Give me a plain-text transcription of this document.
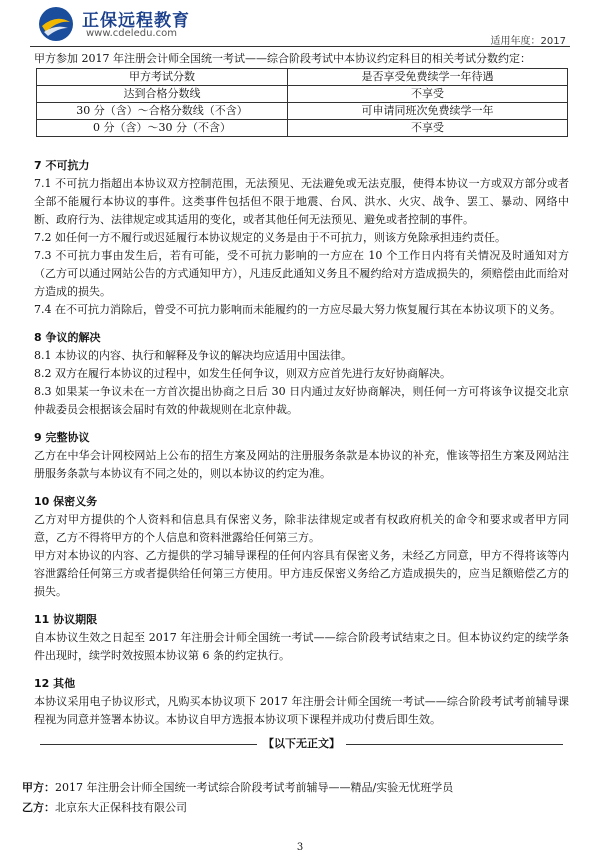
正保远程教育
www.cdeledu.com
适用年度：2017

甲方参加 2017 年注册会计师全国统一考试——综合阶段考试中本协议约定科目的相关考试分数约定：

甲方考试分数	是否享受免费续学一年待遇
达到合格分数线	不享受
30 分（含）～合格分数线（不含）	可申请同班次免费续学一年
0 分（含）～30 分（不含）	不享受
7 不可抗力

7.1 不可抗力指超出本协议双方控制范围，无法预见、无法避免或无法克服，使得本协议一方或双方部分或者全部不能履行本协议的事件。这类事件包括但不限于地震、台风、洪水、火灾、战争、罢工、暴动、网络中断、政府行为、法律规定或其适用的变化，或者其他任何无法预见、避免或者控制的事件。

7.2 如任何一方不履行或迟延履行本协议规定的义务是由于不可抗力，则该方免除承担违约责任。

7.3 不可抗力事由发生后，若有可能，受不可抗力影响的一方应在 10 个工作日内将有关情况及时通知对方（乙方可以通过网站公告的方式通知甲方），凡违反此通知义务且不履约给对方造成损失的，须赔偿由此而给对方造成的损失。

7.4 在不可抗力消除后，曾受不可抗力影响而未能履约的一方应尽最大努力恢复履行其在本协议项下的义务。

8 争议的解决

8.1 本协议的内容、执行和解释及争议的解决均应适用中国法律。

8.2 双方在履行本协议的过程中，如发生任何争议，则双方应首先进行友好协商解决。

8.3 如果某一争议未在一方首次提出协商之日后 30 日内通过友好协商解决，则任何一方可将该争议提交北京仲裁委员会根据该会届时有效的仲裁规则在北京仲裁。

9 完整协议

乙方在中华会计网校网站上公布的招生方案及网站的注册服务条款是本协议的补充，惟该等招生方案及网站注册服务条款与本协议有不同之处的，则以本协议的约定为准。

10 保密义务

乙方对甲方提供的个人资料和信息具有保密义务，除非法律规定或者有权政府机关的命令和要求或者甲方同意，乙方不得将甲方的个人信息和资料泄露给任何第三方。

甲方对本协议的内容、乙方提供的学习辅导课程的任何内容具有保密义务，未经乙方同意，甲方不得将该等内容泄露给任何第三方或者提供给任何第三方使用。甲方违反保密义务给乙方造成损失的，应当足额赔偿乙方的损失。

11 协议期限

自本协议生效之日起至 2017 年注册会计师全国统一考试——综合阶段考试结束之日。但本协议约定的续学条件出现时，续学时效按照本协议第 6 条的约定执行。

12 其他

本协议采用电子协议形式，凡购买本协议项下 2017 年注册会计师全国统一考试——综合阶段考试考前辅导课程视为同意并签署本协议。本协议自甲方选报本协议项下课程并成功付费后即生效。

【以下无正文】
甲方：2017 年注册会计师全国统一考试综合阶段考试考前辅导——精品/实验无忧班学员
乙方：北京东大正保科技有限公司
3
